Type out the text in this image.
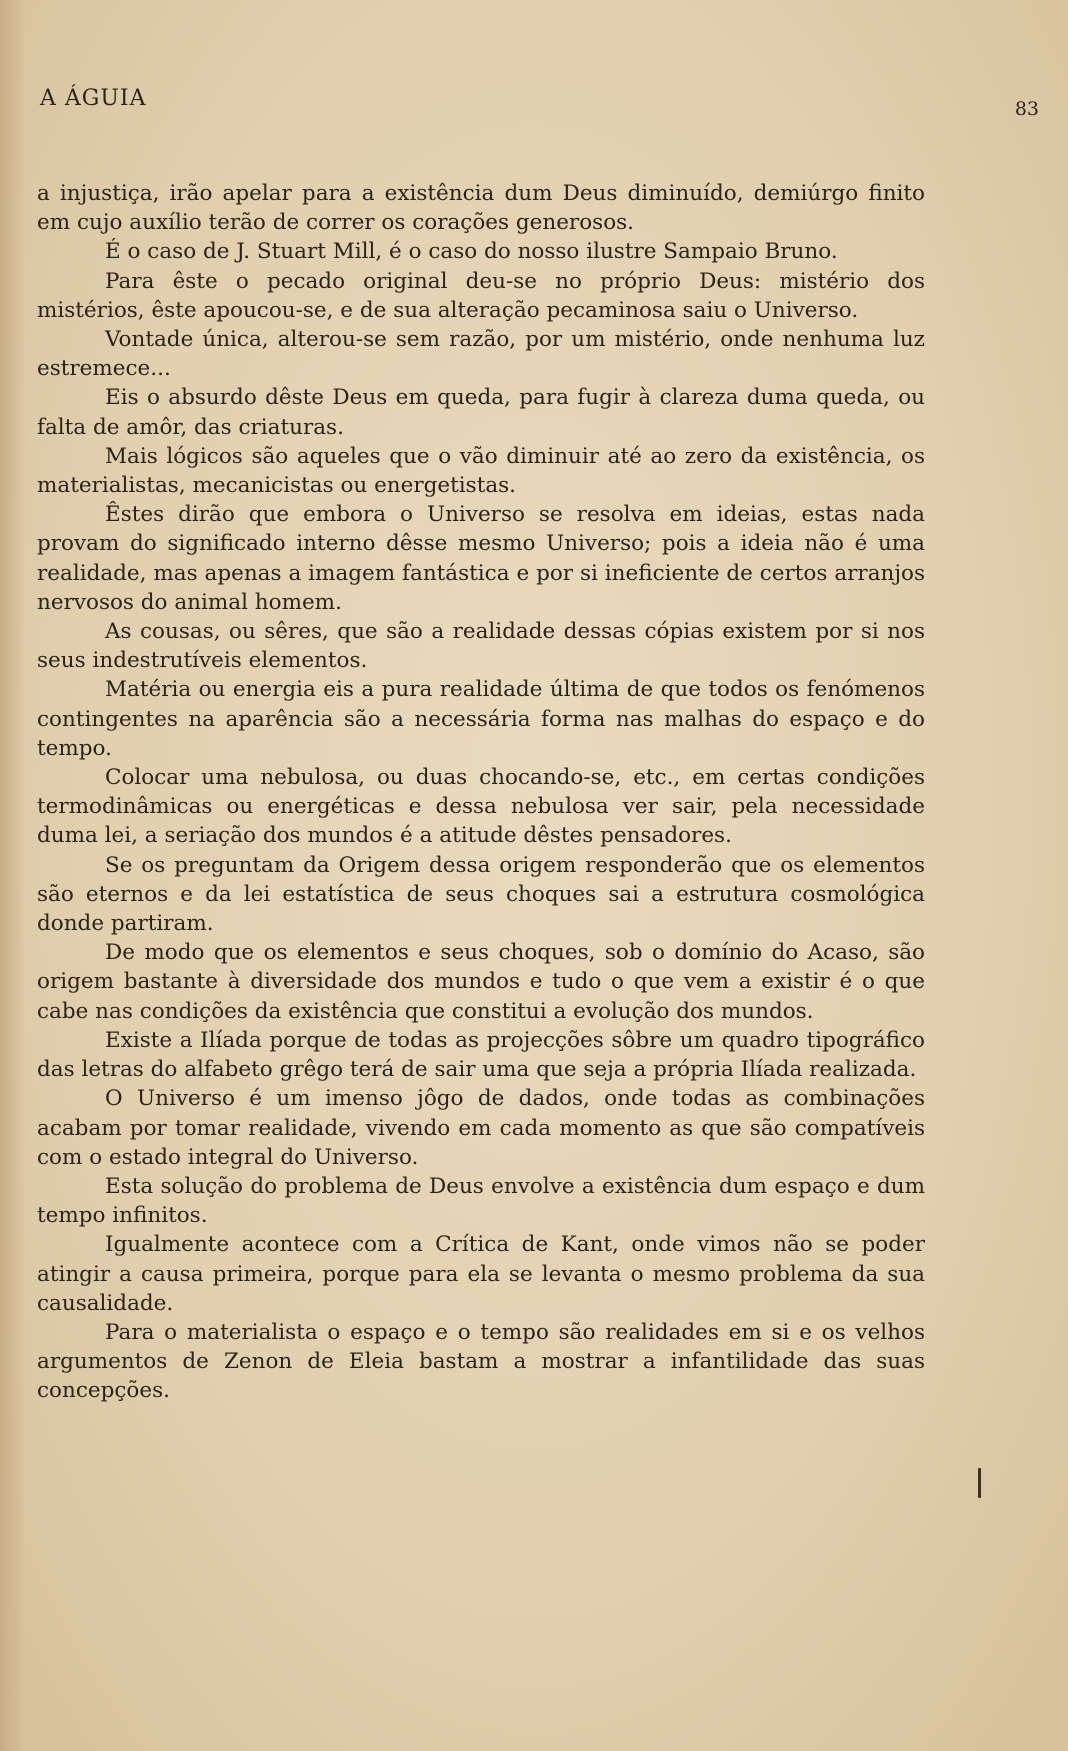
A ÁGUIA	83

a injustiça, irão apelar para a existência dum Deus diminuído, demiúrgo finito em cujo auxílio terão de correr os corações generosos.

É o caso de J. Stuart Mill, é o caso do nosso ilustre Sampaio Bruno.

Para êste o pecado original deu-se no próprio Deus: mistério dos mistérios, êste apoucou-se, e de sua alteração pecaminosa saiu o Universo.

Vontade única, alterou-se sem razão, por um mistério, onde nenhuma luz estremece...

Eis o absurdo dêste Deus em queda, para fugir à clareza duma queda, ou falta de amôr, das criaturas.

Mais lógicos são aqueles que o vão diminuir até ao zero da existência, os materialistas, mecanicistas ou energetistas.

Êstes dirão que embora o Universo se resolva em ideias, estas nada provam do significado interno dêsse mesmo Universo; pois a ideia não é uma realidade, mas apenas a imagem fantástica e por si ineficiente de certos arranjos nervosos do animal homem.

As cousas, ou sêres, que são a realidade dessas cópias existem por si nos seus indestrutíveis elementos.

Matéria ou energia eis a pura realidade última de que todos os fenómenos contingentes na aparência são a necessária forma nas malhas do espaço e do tempo.

Colocar uma nebulosa, ou duas chocando-se, etc., em certas condições termodinâmicas ou energéticas e dessa nebulosa ver sair, pela necessidade duma lei, a seriação dos mundos é a atitude dêstes pensadores.

Se os preguntam da Origem dessa origem responderão que os elementos são eternos e da lei estatística de seus choques sai a estrutura cosmológica donde partiram.

De modo que os elementos e seus choques, sob o domínio do Acaso, são origem bastante à diversidade dos mundos e tudo o que vem a existir é o que cabe nas condições da existência que constitui a evolução dos mundos.

Existe a Ilíada porque de todas as projecções sôbre um quadro tipográfico das letras do alfabeto grêgo terá de sair uma que seja a própria Ilíada realizada.

O Universo é um imenso jôgo de dados, onde todas as combinações acabam por tomar realidade, vivendo em cada momento as que são compatíveis com o estado integral do Universo.

Esta solução do problema de Deus envolve a existência dum espaço e dum tempo infinitos.

Igualmente acontece com a Crítica de Kant, onde vimos não se poder atingir a causa primeira, porque para ela se levanta o mesmo problema da sua causalidade.

Para o materialista o espaço e o tempo são realidades em si e os velhos argumentos de Zenon de Eleia bastam a mostrar a infantilidade das suas concepções.
